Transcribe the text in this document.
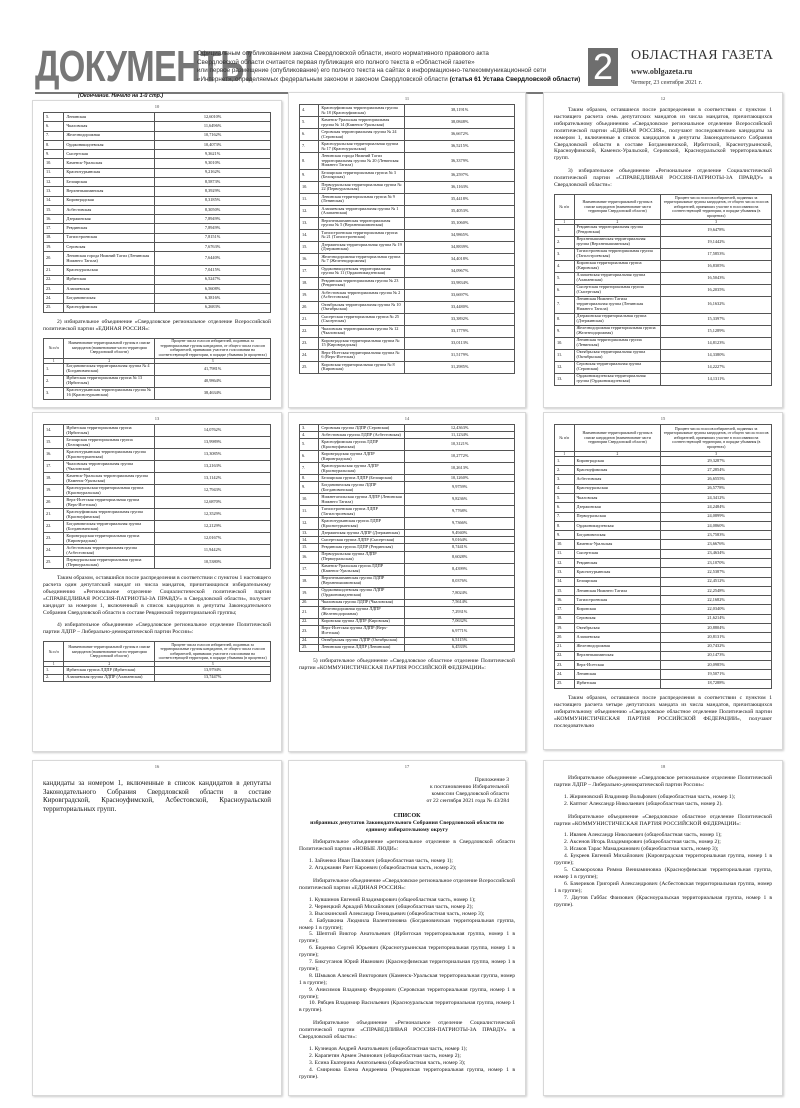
ДОКУМЕНТЫ
Официальным опубликованием закона Свердловской области, иного нормативного правового акта
Свердловской области считается первая публикация его полного текста в «Областной газете»
или первое размещение (опубликование) его полного текста на сайтах в информационно-телекоммуникационной сети
«Интернет», определяемых федеральным законом и законом Свердловской области (статья 61 Устава Свердловской области) 2	ОБЛАСТНАЯ ГАЗЕТА
www.oblgazeta.ru
Четверг, 23 сентября 2021 г.
(Окончание. Начало на 1-й стр.)
10
5.	Ленинская	12,6010%
6.	Чкаловская	11,6496%
7.	Железнодорожная	10,7162%
8.	Орджоникидзевская	10,4073%
9.	Сысертская	9,3621%
10.	Каменск-Уральская	9,3010%
11.	Краснотурьинская	9,2162%
12.	Белоярская	8,5873%
13.	Верхнепышминская	8,3929%
14.	Кировградская	8,3185%
15.	Асбестовская	8,3050%
16.	Дзержинская	7,8949%
17.	Ревдинская	7,8949%
18.	Тагилстроевская	7,8151%
19.	Серовская	7,6763%
20.	Ленинская города Нижний Тагил (Ленинская Нижнего Тагила)	7,6440%
21.	Красноуральская	7,0415%
22.	Ирбитская	6,5247%
23.	Алапаевская	6,5608%
24.	Богдановичская	6,3816%
25.	Красноуфимская	6,2683%
2) избирательное объединение «Свердловское региональное отделение Всероссийской политической партии «ЕДИНАЯ РОССИЯ»:
№ п/п	Наименование территориальной группы в списке кандидатов (наименование части территории Свердловской области)	Процент числа голосов избирателей, поданных за территориальные группы кандидатов, от общего числа голосов избирателей, принявших участие в голосовании на соответствующей территории, в порядке убывания (в процентах)
1	2	3
1.	Богдановичская территориальная группа № 4 (Богдановичская)	41,7981%
2.	Ирбитская территориальная группа № 13 (Ирбитская)	40,9864%
3.	Краснотурьинская территориальная группа № 16 (Краснотурьинская)	38,4634%
11
4.	Красноуфимская территориальная группа № 18 (Красноуфимская)	38,1191%
5.	Каменск-Уральская территориальная группа № 14 (Каменск-Уральская)	38,0848%
6.	Серовская территориальная группа № 24 (Серовская)	36,6672%
7.	Красноуральская территориальная группа № 17 (Красноуральская)	36,5215%
8.	Ленинская города Нижний Тагил территориальная группа № 20 (Ленинская Нижнего Тагила)	36,3379%
9.	Белоярская территориальная группа № 3 (Белоярская)	36,2597%
10.	Первоуральская территориальная группа № 22 (Первоуральская)	36,1163%
11.	Ленинская территориальная группа № 9 (Ленинская)	35,4418%
12.	Алапаевская территориальная группа № 1 (Алапаевская)	35,4053%
13.	Верхнепышминская территориальная группа № 5 (Верхнепышминская)	35,1060%
14.	Тагилстроевская территориальная группа № 21 (Тагилстроевская)	34,9865%
15.	Дзержинская территориальная группа № 19 (Дзержинская)	34,8839%
16.	Железнодорожная территориальная группа № 7 (Железнодорожная)	34,4018%
17.	Орджоникидзевская территориальная группа № 11 (Орджоникидзевская)	34,0967%
18.	Ревдинская территориальная группа № 23 (Ревдинская)	33,9834%
19.	Асбестовская территориальная группа № 2 (Асбестовская)	33,6697%
20.	Октябрьская территориальная группа № 10 (Октябрьская)	33,4480%
21.	Сысертская территориальная группа № 25 (Сысертская)	33,3892%
22.	Чкаловская территориальная группа № 12 (Чкаловская)	33,1779%
23.	Кировградская территориальная группа № 15 (Кировградская)	33,0113%
24.	Верх-Исетская территориальная группа № 6 (Верх-Исетская)	31,5179%
25.	Кировская территориальная группа № 8 (Кировская)	31,2985%
12
Таким образом, оставшиеся после распределения в соответствии с пунктом 1 настоящего расчета семь депутатских мандатов из числа мандатов, причитающихся избирательному объединению «Свердловское региональное отделение Всероссийской политической партии «ЕДИНАЯ РОССИЯ», получают последовательно кандидаты за номером 1, включенные в список кандидатов в депутаты Законодательного Собрания Свердловской области в составе Богдановичской, Ирбитской, Краснотурьинской, Красноуфимской, Каменск-Уральской, Серовской, Красноуральской территориальных групп.
3) избирательное объединение «Региональное отделение Социалистической политической партии «СПРАВЕДЛИВАЯ РОССИЯ-ПАТРИОТЫ-ЗА ПРАВДУ» в Свердловской области»:
№ п/п	Наименование территориальной группы в списке кандидатов (наименование части территории Свердловской области)	Процент числа голосов избирателей, поданных за территориальные группы кандидатов, от общего числа голосов избирателей, принявших участие в голосовании на соответствующей территории, в порядке убывания (в процентах)
1	2	3
1.	Ревдинская территориальная группа (Ревдинская)	19,6478%
2.	Верхнепышминская территориальная группа (Верхнепышминская)	19,1442%
3.	Тагилстроевская территориальная группа (Тагилстроевская)	17,5853%
4.	Кировская территориальная группа (Кировская)	16,8305%
5.	Алапаевская территориальная группа (Алапаевская)	16,5043%
6.	Сысертская территориальная группа (Сысертская)	16,2035%
7.	Ленинская Нижнего Тагила территориальная группа (Ленинская Нижнего Тагила)	16,1632%
8.	Дзержинская территориальная группа (Дзержинская)	15,3397%
9.	Железнодорожная территориальная группа (Железнодорожная)	15,1289%
10.	Ленинская территориальная группа (Ленинская)	14,8123%
11.	Октябрьская территориальная группа (Октябрьская)	14,3380%
12.	Серовская территориальная группа (Серовская)	14,2227%
13.	Орджоникидзевская территориальная группа (Орджоникидзевская)	14,1311%
13
14.	Ирбитская территориальная группа (Ирбитская)	14,0762%
15.	Белоярская территориальная группа (Белоярская)	13,9989%
16.	Краснотурьинская территориальная группа (Краснотурьинская)	13,3085%
17.	Чкаловская территориальная группа (Чкаловская)	13,2163%
18.	Каменск-Уральская территориальная группа (Каменск-Уральская)	13,1142%
19.	Красноуральская территориальная группа (Красноуральская)	12,7943%
20.	Верх-Исетская территориальная группа (Верх-Исетская)	12,6870%
21.	Красноуфимская территориальная группа (Красноуфимская)	12,3529%
22.	Богдановичская территориальная группа (Богдановичская)	12,2129%
23.	Кировградская территориальная группа (Кировградская)	12,0167%
24.	Асбестовская территориальная группа (Асбестовская)	11,9442%
25.	Первоуральская территориальная группа (Первоуральская)	10,5380%
Таким образом, оставшийся после распределения в соответствии с пунктом 1 настоящего расчета один депутатский мандат из числа мандатов, причитающихся избирательному объединению «Региональное отделение Социалистической политической партии «СПРАВЕДЛИВАЯ РОССИЯ-ПАТРИОТЫ-ЗА ПРАВДУ» в Свердловской области», получает кандидат за номером 1, включенный в список кандидатов в депутаты Законодательного Собрания Свердловской области в составе Ревдинской территориальной группы;
4) избирательное объединение «Свердловское региональное отделение Политической партии ЛДПР – Либерально-демократической партии России»:
№ п/п	Наименование территориальной группы в списке кандидатов (наименование части территории Свердловской области)	Процент числа голосов избирателей, поданных за территориальные группы кандидатов, от общего числа голосов избирателей, принявших участие в голосовании на соответствующей территории, в порядке убывания (в процентах)
1	2	3
1.	Ирбитская группа ЛДПР (Ирбитская)	13,9794%
2.	Алапаевская группа ЛДПР (Алапаевская)	13,7447%
14
3.	Серовская группа ЛДПР (Серовская)	12,4363%
4.	Асбестовская группа ЛДПР (Асбестовская)	11,1234%
5.	Красноуфимская группа ЛДПР (Красноуфимская)	10,3121%
6.	Кировградская группа ЛДПР (Кировградская)	10,2772%
7.	Красноуральская группа ЛДПР (Красноуральская)	10,2613%
8.	Белоярская группа ЛДПР (Белоярская)	10,1260%
9.	Богдановичская группа ЛДПР (Богдановичская)	9,9759%
10.	Нижнетагильская группа ЛДПР (Ленинская Нижнего Тагила)	9,8236%
11.	Тагилстроевская группа ЛДПР (Тагилстроевская)	9,7768%
12.	Краснотурьинская группа ЛДПР (Краснотурьинская)	9,7366%
13.	Дзержинская группа ЛДПР (Дзержинская)	9,4940%
14.	Сысертская группа ЛДПР (Сысертская)	9,0164%
15.	Ревдинская группа ЛДПР (Ревдинская)	8,7441%
16.	Первоуральская группа ЛДПР (Первоуральская)	8,6028%
17.	Каменск-Уральская группа ЛДПР (Каменск-Уральская)	8,4399%
18.	Верхнепышминская группа ЛДПР (Верхнепышминская)	8,0376%
19.	Орджоникидзевская группа ЛДПР (Орджоникидзевская)	7,8024%
20.	Чкаловская группа ЛДПР (Чкаловская)	7,5614%
21.	Железнодорожная группа ЛДПР (Железнодорожная)	7,2931%
22.	Кировская группа ЛДПР (Кировская)	7,0632%
23.	Верх-Исетская группа ЛДПР (Верх-Исетская)	6,9771%
24.	Октябрьская группа ЛДПР (Октябрьская)	6,5115%
25.	Ленинская группа ЛДПР (Ленинская)	6,4533%
5) избирательное объединение «Свердловское областное отделение Политической партии «КОММУНИСТИЧЕСКАЯ ПАРТИЯ РОССИЙСКОЙ ФЕДЕРАЦИИ»:
15
№ п/п	Наименование территориальной группы в списке кандидатов (наименование части территории Свердловской области)	Процент числа голосов избирателей, поданных за территориальные группы кандидатов, от общего числа голосов избирателей, принявших участие в голосовании на соответствующей территории, в порядке убывания (в процентах)
1	2	3
1.	Кировградская	29,3287%
2.	Красноуфимская	27,2854%
3.	Асбестовская	26,6555%
4.	Красноуральская	26,5778%
5.	Чкаловская	24,3412%
6.	Дзержинская	24,2484%
7.	Первоуральская	24,0899%
8.	Орджоникидзевская	24,0860%
9.	Богдановичская	23,7583%
10.	Каменск-Уральская	23,6676%
11.	Сысертская	23,4634%
12.	Ревдинская	23,1070%
13.	Краснотурьинская	22,5387%
14.	Белоярская	22,4512%
15.	Ленинская Нижнего Тагила	22,2548%
16.	Тагилстроевская	22,1682%
17.	Кировская	22,0340%
18.	Серовская	21,6214%
19.	Октябрьская	20,8804%
20.	Алапаевская	20,8131%
21.	Железнодорожная	20,7432%
22.	Верхнепышминская	20,1473%
23.	Верх-Исетская	20,0985%
24.	Ленинская	19,5071%
25.	Ирбитская	18,7288%
Таким образом, оставшиеся после распределения в соответствии с пунктом 1 настоящего расчета четыре депутатских мандата из числа мандатов, причитающихся избирательному объединению «Свердловское областное отделение Политической партии «КОММУНИСТИЧЕСКАЯ ПАРТИЯ РОССИЙСКОЙ ФЕДЕРАЦИИ», получают последовательно
16
кандидаты за номером 1, включенные в список кандидатов в депутаты Законодательного Собрания Свердловской области в составе Кировградской, Красноуфимской, Асбестовской, Красноуральской территориальных групп.
17
Приложение 3
к постановлению Избирательной
комиссии Свердловской области
от 22 сентября 2021 года № 43/284
СПИСОК
избранных депутатов Законодательного Собрания Свердловской области по единому избирательному округу
Избирательное объединение «региональное отделение в Свердловской области Политической партии «НОВЫЕ ЛЮДИ»:
1. Зайченко Иван Павлович (общеобластная часть, номер 1);
2. Агаджанян Рант Кароевич (общеобластная часть, номер 2);
Избирательное объединение «Свердловское региональное отделение Всероссийской политической партии «ЕДИНАЯ РОССИЯ»:
1. Кувшинов Евгений Владимирович (общеобластная часть, номер 1);
2. Чернецкий Аркадий Михайлович (общеобластная часть, номер 2);
3. Высокинский Александр Геннадьевич (общеобластная часть, номер 3);
4. Бабушкина Людмила Валентиновна (Богдановичская территориальная группа, номер 1 в группе);
5. Шептий Виктор Анатольевич (Ирбитская территориальная группа, номер 1 в группе);
6. Биденко Сергей Юрьевич (Краснотурьинская территориальная группа, номер 1 в группе);
7. Бикгуганов Юрий Иванович (Красноуфимская территориальная группа, номер 1 в группе);
8. Шмыков Алексей Викторович (Каменск-Уральская территориальная группа, номер 1 в группе);
9. Анисимов Владимир Федорович (Серовская территориальная группа, номер 1 в группе);
10. Рябцев Владимир Васильевич (Красноуральская территориальная группа, номер 1 в группе).
Избирательное объединение «Региональное отделение Социалистической политической партии «СПРАВЕДЛИВАЯ РОССИЯ-ПАТРИОТЫ-ЗА ПРАВДУ» в Свердловской области»:
1. Кузнецов Андрей Анатольевич (общеобластная часть, номер 1);
2. Карапетян Армен Эминович (общеобластная часть, номер 2);
3. Есина Екатерина Анатольевна (общеобластная часть, номер 3);
4. Смирнова Елена Андреевна (Ревдинская территориальная группа, номер 1 в группе).
18
Избирательное объединение «Свердловское региональное отделение Политической партии ЛДПР – Либерально-демократической партии России»:
1. Жириновский Владимир Вольфович (общеобластная часть, номер 1);
2. Каптюг Александр Николаевич (общеобластная часть, номер 2).
Избирательное объединение «Свердловское областное отделение Политической партии «КОММУНИСТИЧЕСКАЯ ПАРТИЯ РОССИЙСКОЙ ФЕДЕРАЦИИ»:
1. Ивачев Александр Николаевич (общеобластная часть, номер 1);
2. Аксенов Игорь Владимирович (общеобластная часть, номер 2);
3. Исаков Тарас Мамаджанович (общеобластная часть, номер 3);
4. Букреев Евгений Михайлович (Кировградская территориальная группа, номер 1 в группе);
5. Скоморохова Римма Вениаминовна (Красноуфимская территориальная группа, номер 1 в группе);
6. Бачериков Григорий Александрович (Асбестовская территориальная группа, номер 1 в группе);
7. Даутов Габбас Фаизович (Красноуральская территориальная группа, номер 1 в группе).
